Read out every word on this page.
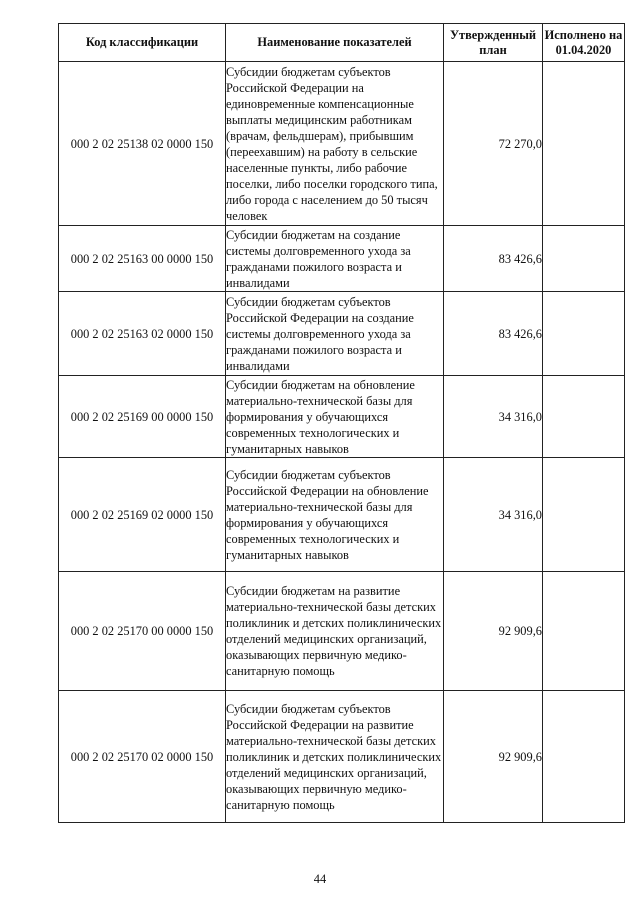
Код классификации	Наименование показателей	Утвержденный план	Исполнено на 01.04.2020
000 2 02 25138 02 0000 150	Субсидии бюджетам субъектов Российской Федерации на единовременные компенсационные выплаты медицинским работникам (врачам, фельдшерам), прибывшим (переехавшим) на работу в сельские населенные пункты, либо рабочие поселки, либо поселки городского типа, либо города с населением до 50 тысяч человек	72 270,0	
000 2 02 25163 00 0000 150	Субсидии бюджетам на создание системы долговременного ухода за гражданами пожилого возраста и инвалидами	83 426,6	
000 2 02 25163 02 0000 150	Субсидии бюджетам субъектов Российской Федерации на создание системы долговременного ухода за гражданами пожилого возраста и инвалидами	83 426,6	
000 2 02 25169 00 0000 150	Субсидии бюджетам на обновление материально-технической базы для формирования у обучающихся современных технологических и гуманитарных навыков	34 316,0	
000 2 02 25169 02 0000 150	Субсидии бюджетам субъектов Российской Федерации на обновление материально-технической базы для формирования у обучающихся современных технологических и гуманитарных навыков	34 316,0	
000 2 02 25170 00 0000 150	Субсидии бюджетам на развитие материально-технической базы детских поликлиник и детских поликлинических отделений медицинских организаций, оказывающих первичную медико-санитарную помощь	92 909,6	
000 2 02 25170 02 0000 150	Субсидии бюджетам субъектов Российской Федерации на развитие материально-технической базы детских поликлиник и детских поликлинических отделений медицинских организаций, оказывающих первичную медико-санитарную помощь	92 909,6	
44
